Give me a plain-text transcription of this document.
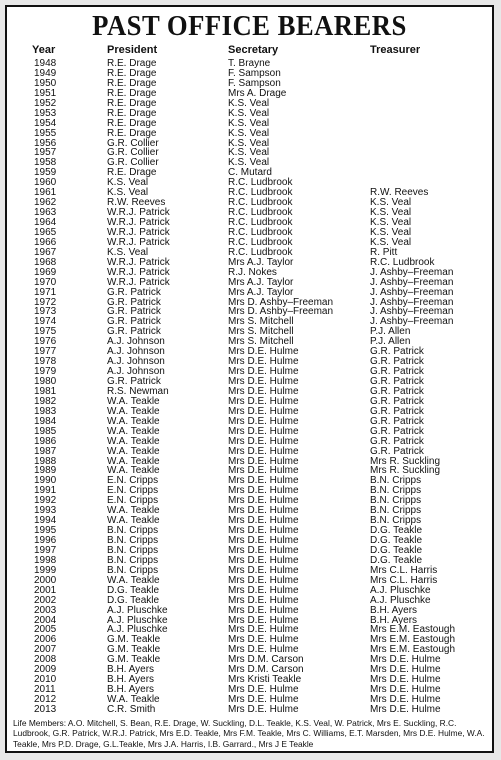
PAST OFFICE BEARERS
Year	President	Secretary	Treasurer
1948	R.E. Drage	T. Brayne
1949	R.E. Drage	F. Sampson
1950	R.E. Drage	F. Sampson
1951	R.E. Drage	Mrs A. Drage
1952	R.E. Drage	K.S. Veal
1953	R.E. Drage	K.S. Veal
1954	R.E. Drage	K.S. Veal
1955	R.E. Drage	K.S. Veal
1956	G.R. Collier	K.S. Veal
1957	G.R. Collier	K.S. Veal
1958	G.R. Collier	K.S. Veal
1959	R.E. Drage	C. Mutard
1960	K.S. Veal	R.C. Ludbrook
1961	K.S. Veal	R.C. Ludbrook	R.W. Reeves
1962	R.W. Reeves	R.C. Ludbrook	K.S. Veal
1963	W.R.J. Patrick	R.C. Ludbrook	K.S. Veal
1964	W.R.J. Patrick	R.C. Ludbrook	K.S. Veal
1965	W.R.J. Patrick	R.C. Ludbrook	K.S. Veal
1966	W.R.J. Patrick	R.C. Ludbrook	K.S. Veal
1967	K.S. Veal	R.C. Ludbrook	R. Pitt
1968	W.R.J. Patrick	Mrs A.J. Taylor	R.C. Ludbrook
1969	W.R.J. Patrick	R.J. Nokes	J. Ashby–Freeman
1970	W.R.J. Patrick	Mrs A.J. Taylor	J. Ashby–Freeman
1971	G.R. Patrick	Mrs A.J. Taylor	J. Ashby–Freeman
1972	G.R. Patrick	Mrs D. Ashby–Freeman	J. Ashby–Freeman
1973	G.R. Patrick	Mrs D. Ashby–Freeman	J. Ashby–Freeman
1974	G.R. Patrick	Mrs S. Mitchell	J. Ashby–Freeman
1975	G.R. Patrick	Mrs S. Mitchell	P.J. Allen
1976	A.J. Johnson	Mrs S. Mitchell	P.J. Allen
1977	A.J. Johnson	Mrs D.E. Hulme	G.R. Patrick
1978	A.J. Johnson	Mrs D.E. Hulme	G.R. Patrick
1979	A.J. Johnson	Mrs D.E. Hulme	G.R. Patrick
1980	G.R. Patrick	Mrs D.E. Hulme	G.R. Patrick
1981	R.S. Newman	Mrs D.E. Hulme	G.R. Patrick
1982	W.A. Teakle	Mrs D.E. Hulme	G.R. Patrick
1983	W.A. Teakle	Mrs D.E. Hulme	G.R. Patrick
1984	W.A. Teakle	Mrs D.E. Hulme	G.R. Patrick
1985	W.A. Teakle	Mrs D.E. Hulme	G.R. Patrick
1986	W.A. Teakle	Mrs D.E. Hulme	G.R. Patrick
1987	W.A. Teakle	Mrs D.E. Hulme	G.R. Patrick
1988	W.A. Teakle	Mrs D.E. Hulme	Mrs R. Suckling
1989	W.A. Teakle	Mrs D.E. Hulme	Mrs R. Suckling
1990	E.N. Cripps	Mrs D.E. Hulme	B.N. Cripps
1991	E.N. Cripps	Mrs D.E. Hulme	B.N. Cripps
1992	E.N. Cripps	Mrs D.E. Hulme	B.N. Cripps
1993	W.A. Teakle	Mrs D.E. Hulme	B.N. Cripps
1994	W.A. Teakle	Mrs D.E. Hulme	B.N. Cripps
1995	B.N. Cripps	Mrs D.E. Hulme	D.G. Teakle
1996	B.N. Cripps	Mrs D.E. Hulme	D.G. Teakle
1997	B.N. Cripps	Mrs D.E. Hulme	D.G. Teakle
1998	B.N. Cripps	Mrs D.E. Hulme	D.G. Teakle
1999	B.N. Cripps	Mrs D.E. Hulme	Mrs C.L. Harris
2000	W.A. Teakle	Mrs D.E. Hulme	Mrs C.L. Harris
2001	D.G. Teakle	Mrs D.E. Hulme	A.J. Pluschke
2002	D.G. Teakle	Mrs D.E. Hulme	A.J. Pluschke
2003	A.J. Pluschke	Mrs D.E. Hulme	B.H. Ayers
2004	A.J. Pluschke	Mrs D.E. Hulme	B.H. Ayers
2005	A.J. Pluschke	Mrs D.E. Hulme	Mrs E.M. Eastough
2006	G.M. Teakle	Mrs D.E. Hulme	Mrs E.M. Eastough
2007	G.M. Teakle	Mrs D.E. Hulme	Mrs E.M. Eastough
2008	G.M. Teakle	Mrs D.M. Carson	Mrs D.E. Hulme
2009	B.H. Ayers	Mrs D.M. Carson	Mrs D.E. Hulme
2010	B.H. Ayers	Mrs Kristi Teakle	Mrs D.E. Hulme
2011	B.H. Ayers	Mrs D.E. Hulme	Mrs D.E. Hulme
2012	W.A. Teakle	Mrs D.E. Hulme	Mrs D.E. Hulme
2013	C.R. Smith	Mrs D.E. Hulme	Mrs D.E. Hulme
Life Members: A.O. Mitchell, S. Bean, R.E. Drage, W. Suckling, D.L. Teakle, K.S. Veal, W. Patrick, Mrs E. Suckling, R.C. Ludbrook, G.R. Patrick, W.R.J. Patrick, Mrs E.D. Teakle, Mrs F.M. Teakle, Mrs C. Williams, E.T. Marsden, Mrs D.E. Hulme, W.A. Teakle, Mrs P.D. Drage, G.L.Teakle, Mrs J.A. Harris, I.B. Garrard., Mrs J E Teakle
